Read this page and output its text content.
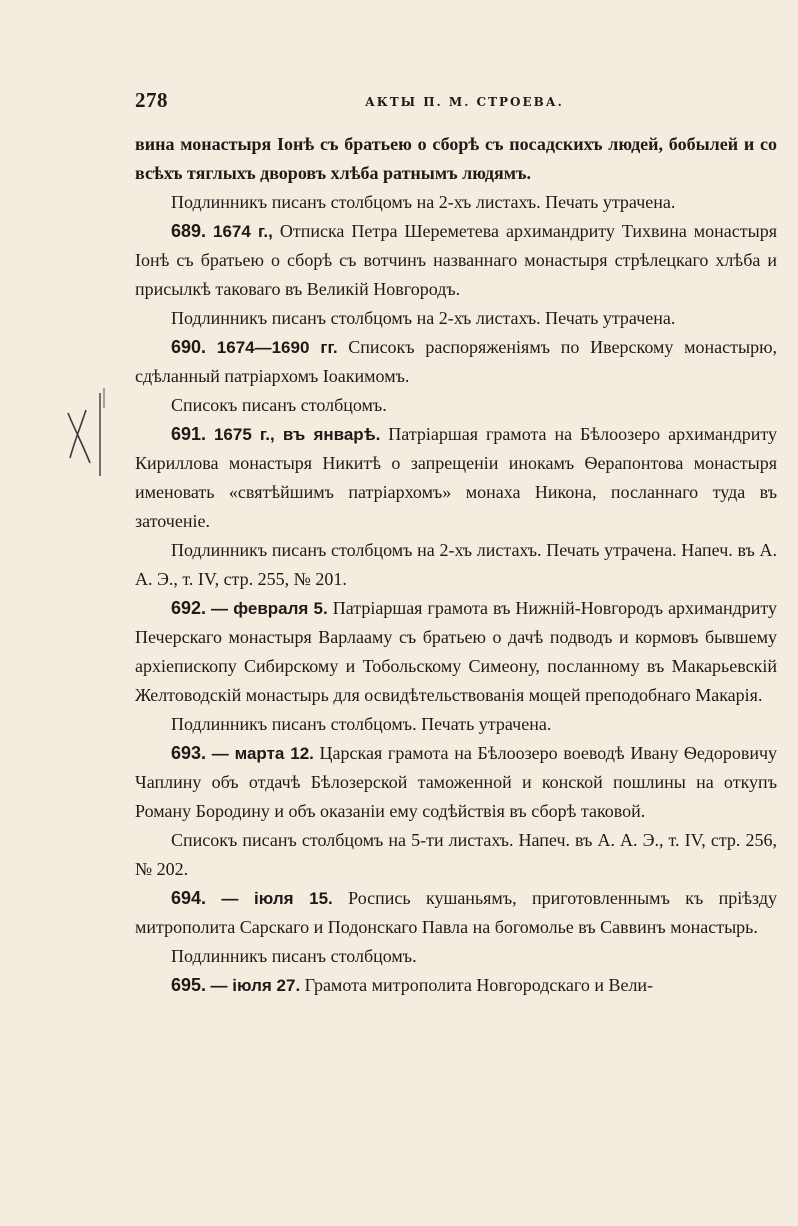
278	АКТЫ П. М. СТРОЕВА.

вина монастыря Іонѣ съ братьею о сборѣ съ посадскихъ людей, бобылей и со всѣхъ тяглыхъ дворовъ хлѣба ратнымъ людямъ.

Подлинникъ писанъ столбцомъ на 2-хъ листахъ. Печать утрачена.

689. 1674 г., Отписка Петра Шереметева архимандриту Тихвина монастыря Іонѣ съ братьею о сборѣ съ вотчинъ названнаго монастыря стрѣлецкаго хлѣба и присылкѣ таковаго въ Великій Новгородъ.

Подлинникъ писанъ столбцомъ на 2-хъ листахъ. Печать утрачена.

690. 1674—1690 гг. Списокъ распоряженіямъ по Иверскому монастырю, сдѣланный патріархомъ Іоакимомъ.

Списокъ писанъ столбцомъ.

691. 1675 г., въ январѣ. Патріаршая грамота на Бѣлоозеро архимандриту Кириллова монастыря Никитѣ о запрещеніи инокамъ Ѳерапонтова монастыря именовать «святѣйшимъ патріархомъ» монаха Никона, посланнаго туда въ заточеніе.

Подлинникъ писанъ столбцомъ на 2-хъ листахъ. Печать утрачена. Напеч. въ А. А. Э., т. IV, стр. 255, № 201.

692. — февраля 5. Патріаршая грамота въ Нижній-Новгородъ архимандриту Печерскаго монастыря Варлааму съ братьею о дачѣ подводъ и кормовъ бывшему архіепископу Сибирскому и Тобольскому Симеону, посланному въ Макарьевскій Желтоводскій монастырь для освидѣтельствованія мощей преподобнаго Макарія.

Подлинникъ писанъ столбцомъ. Печать утрачена.

693. — марта 12. Царская грамота на Бѣлоозеро воеводѣ Ивану Ѳедоровичу Чаплину объ отдачѣ Бѣлозерской таможенной и конской пошлины на откупъ Роману Бородину и объ оказаніи ему содѣйствія въ сборѣ таковой.

Списокъ писанъ столбцомъ на 5-ти листахъ. Напеч. въ А. А. Э., т. IV, стр. 256, № 202.

694. — іюля 15. Роспись кушаньямъ, приготовленнымъ къ пріѣзду митрополита Сарскаго и Подонскаго Павла на богомолье въ Саввинъ монастырь.

Подлинникъ писанъ столбцомъ.

695. — іюля 27. Грамота митрополита Новгородскаго и Вели-
